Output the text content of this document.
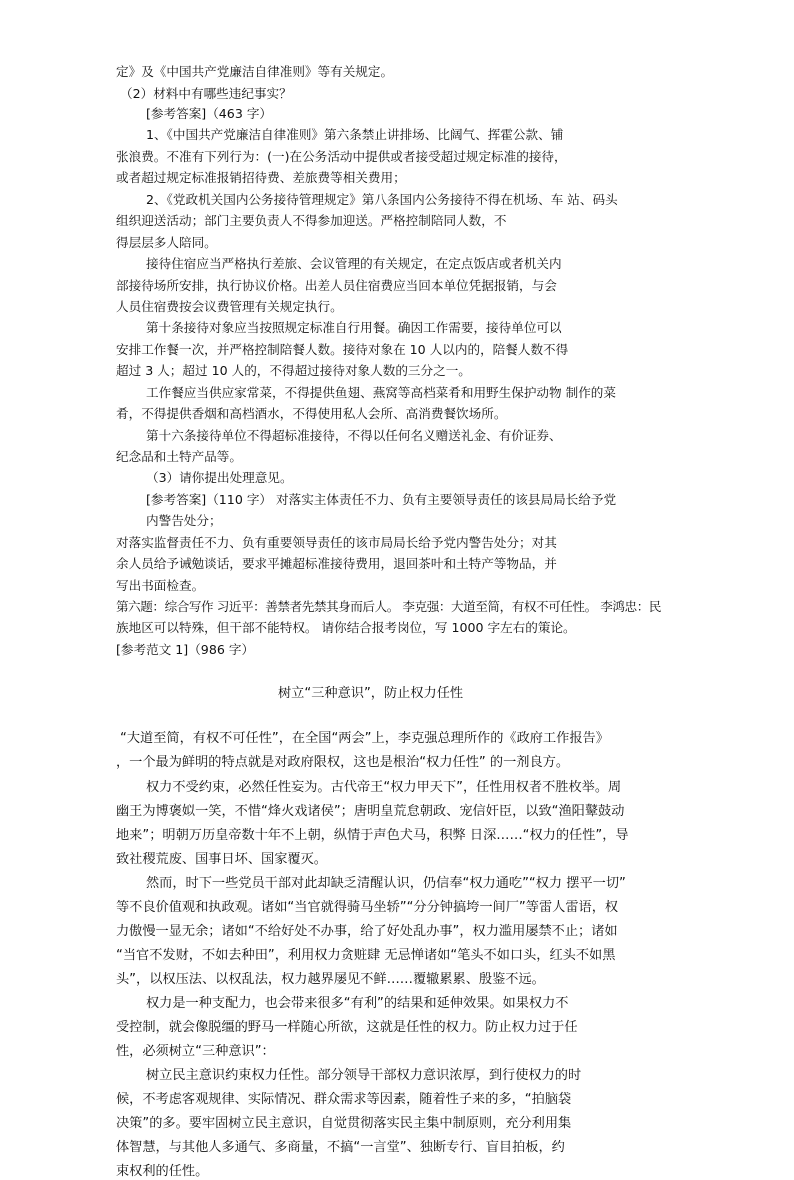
定》及《中国共产党廉洁自律准则》等有关规定。
（2）材料中有哪些违纪事实？
[参考答案]（463 字）
1、《中国共产党廉洁自律准则》第六条禁止讲排场、比阔气、挥霍公款、铺
张浪费。不准有下列行为：(一)在公务活动中提供或者接受超过规定标准的接待，
或者超过规定标准报销招待费、差旅费等相关费用；
2、《党政机关国内公务接待管理规定》第八条国内公务接待不得在机场、车 站、码头
组织迎送活动；部门主要负责人不得参加迎送。严格控制陪同人数，不
得层层多人陪同。
接待住宿应当严格执行差旅、会议管理的有关规定，在定点饭店或者机关内
部接待场所安排，执行协议价格。出差人员住宿费应当回本单位凭据报销，与会
人员住宿费按会议费管理有关规定执行。
第十条接待对象应当按照规定标准自行用餐。确因工作需要，接待单位可以
安排工作餐一次，并严格控制陪餐人数。接待对象在 10 人以内的，陪餐人数不得
超过 3 人；超过 10 人的，不得超过接待对象人数的三分之一。
工作餐应当供应家常菜，不得提供鱼翅、燕窝等高档菜肴和用野生保护动物 制作的菜
肴，不得提供香烟和高档酒水，不得使用私人会所、高消费餐饮场所。
第十六条接待单位不得超标准接待，不得以任何名义赠送礼金、有价证券、
纪念品和土特产品等。
（3）请你提出处理意见。
[参考答案]（110 字） 对落实主体责任不力、负有主要领导责任的该县局局长给予党
内警告处分；
对落实监督责任不力、负有重要领导责任的该市局局长给予党内警告处分；对其
余人员给予诫勉谈话，要求平摊超标准接待费用，退回茶叶和土特产等物品，并
写出书面检查。
第六题：综合写作 习近平：善禁者先禁其身而后人。 李克强：大道至简，有权不可任性。 李鸿忠：民
族地区可以特殊，但干部不能特权。 请你结合报考岗位，写 1000 字左右的策论。
[参考范文 1]（986 字）
树立“三种意识”，防止权力任性
“大道至简，有权不可任性”，在全国“两会”上，李克强总理所作的《政府工作报告》
，一个最为鲜明的特点就是对政府限权，这也是根治“权力任性” 的一剂良方。
权力不受约束，必然任性妄为。古代帝王“权力甲天下”，任性用权者不胜枚举。周
幽王为博褒姒一笑，不惜“烽火戏诸侯”；唐明皇荒怠朝政、宠信奸臣，以致“渔阳鼙鼓动
地来”；明朝万历皇帝数十年不上朝，纵情于声色犬马，积弊 日深……“权力的任性”，导
致社稷荒废、国事日坏、国家覆灭。
然而，时下一些党员干部对此却缺乏清醒认识，仍信奉“权力通吃”“权力 摆平一切”
等不良价值观和执政观。诸如“当官就得骑马坐轿”“分分钟搞垮一间厂”等雷人雷语，权
力傲慢一显无余；诸如“不给好处不办事，给了好处乱办事”，权力滥用屡禁不止；诸如
“当官不发财，不如去种田”，利用权力贪赃肆 无忌惮诸如“笔头不如口头，红头不如黑
头”，以权压法、以权乱法，权力越界屡见不鲜……覆辙累累、殷鉴不远。
权力是一种支配力，也会带来很多“有利”的结果和延伸效果。如果权力不
受控制，就会像脱缰的野马一样随心所欲，这就是任性的权力。防止权力过于任
性，必须树立“三种意识”：
树立民主意识约束权力任性。部分领导干部权力意识浓厚，到行使权力的时
候，不考虑客观规律、实际情况、群众需求等因素，随着性子来的多，“拍脑袋
决策”的多。要牢固树立民主意识，自觉贯彻落实民主集中制原则，充分利用集
体智慧，与其他人多通气、多商量，不搞“一言堂”、独断专行、盲目拍板，约
束权利的任性。
